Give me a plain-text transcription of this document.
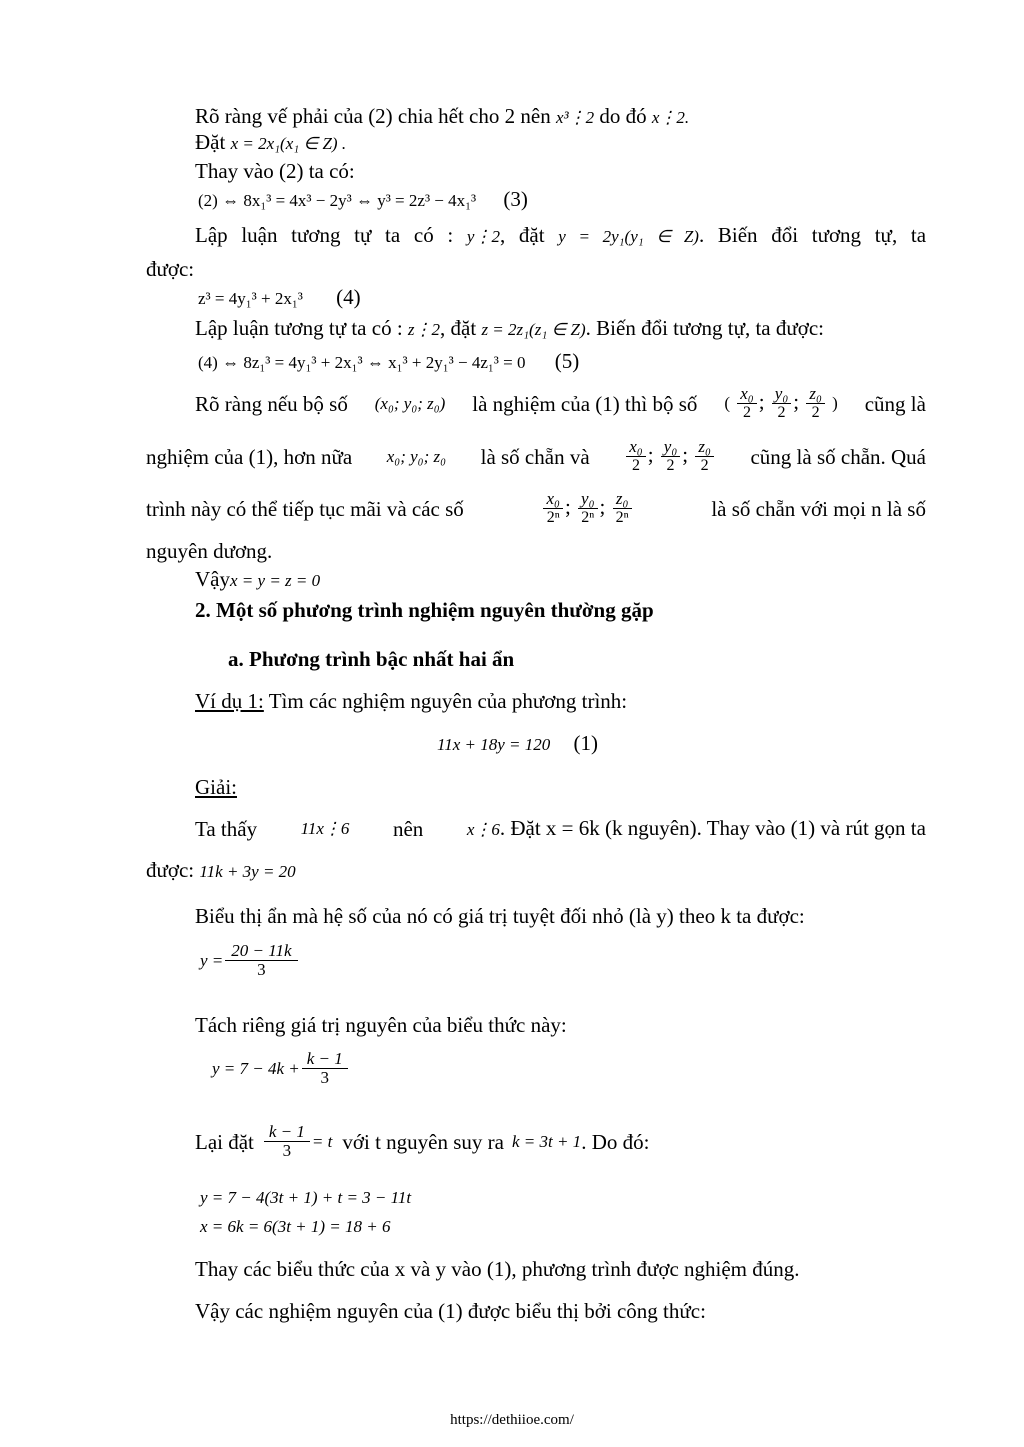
Rõ ràng vế phải của (2) chia hết cho 2 nên x³⋮2 do đó x⋮2.
Đặt x = 2x₁(x₁ ∈ Z) .
Thay vào (2) ta có:
(2) ⇔ 8x₁³ = 4x³ − 2y³ ⇔ y³ = 2z³ − 4x₁³ (3)
Lập luận tương tự ta có : y⋮2, đặt y = 2y₁(y₁ ∈ Z). Biến đổi tương tự, ta
được:
z³ = 4y₁³ + 2x₁³ (4)
Lập luận tương tự ta có : z⋮2, đặt z = 2z₁(z₁ ∈ Z). Biến đổi tương tự, ta được:
(4) ⇔ 8z₁³ = 4y₁³ + 2x₁³ ⇔ x₁³ + 2y₁³ − 4z₁³ = 0 (5)
Rõ ràng nếu bộ số (x₀; y₀; z₀) là nghiệm của (1) thì bộ số ( $\frac{\text{x₀}}{2}$ ; $\frac{\text{y₀}}{2}$ ; $\frac{\text{z₀}}{2}$ ) cũng là
nghiệm của (1), hơn nữa x₀; y₀; z₀ là số chẵn và $\frac{\text{x₀}}{2}$ ; $\frac{\text{y₀}}{2}$ ; $\frac{\text{z₀}}{2}$ cũng là số chẵn. Quá
trình này có thể tiếp tục mãi và các số	$\frac{\text{x₀}}{\text{2ⁿ}}$ ; $\frac{\text{y₀}}{\text{2ⁿ}}$ ; $\frac{\text{z₀}}{\text{2ⁿ}}$	là số chẵn với mọi n là số
nguyên dương.
Vậyx = y = z = 0
2. Một số phương trình nghiệm nguyên thường gặp
a. Phương trình bậc nhất hai ẩn
Ví dụ 1: Tìm các nghiệm nguyên của phương trình:
11x + 18y = 120 (1)
Giải:
Ta thấy	11x⋮6 nên	x⋮6. Đặt x = 6k (k nguyên). Thay vào (1) và rút gọn ta
được: 11k + 3y = 20
Biểu thị ẩn mà hệ số của nó có giá trị tuyệt đối nhỏ (là y) theo k ta được:
$y = \frac{20 - 11k}{3}$
Tách riêng giá trị nguyên của biểu thức này:
$y = 7 - 4k + \frac{k - 1}{3}$
Lại đặt $\frac{k - 1}{3} = t$ với t nguyên suy ra k = 3t + 1 . Do đó:
y = 7 − 4(3t + 1) + t = 3 − 11t
x = 6k = 6(3t + 1) = 18 + 6
Thay các biểu thức của x và y vào (1), phương trình được nghiệm đúng.
Vậy các nghiệm nguyên của (1) được biểu thị bởi công thức:
https://dethiioe.com/
